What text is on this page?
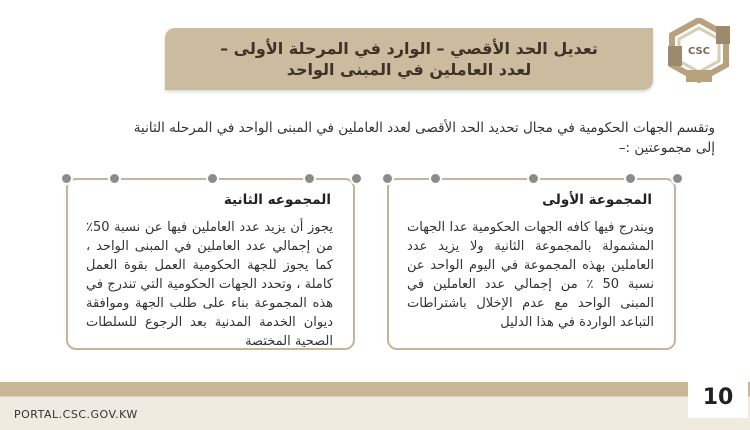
تعديل الحد الأقصي – الوارد في المرحلة الأولى –
لعدد العاملين في المبنى الواحد
CSC

وتقسم الجهات الحكومية في مجال تحديد الحد الأقصى لعدد العاملين في المبنى الواحد في المرحله الثانية

إلى مجموعتين :–

المجموعة الأولى
ويندرج فيها كافه الجهات الحكومية عدا الجهات المشمولة بالمجموعة الثانية ولا يزيد عدد العاملين بهذه المجموعة في اليوم الواحد عن نسبة 50 ٪ من إجمالي عدد العاملين في المبنى الواحد مع عدم الإخلال باشتراطات التباعد الواردة في هذا الدليل
المجموعه الثانية
يجوز أن يزيد عدد العاملين فيها عن نسبة 50٪ من إجمالي عدد العاملين في المبنى الواحد ، كما يجوز للجهة الحكومية العمل بقوة العمل كاملة ، وتحدد الجهات الحكومية التي تندرج في هذه المجموعة بناء على طلب الجهة وموافقة ديوان الخدمة المدنية بعد الرجوع للسلطات الصحية المختصة
PORTAL.CSC.GOV.KW
10
